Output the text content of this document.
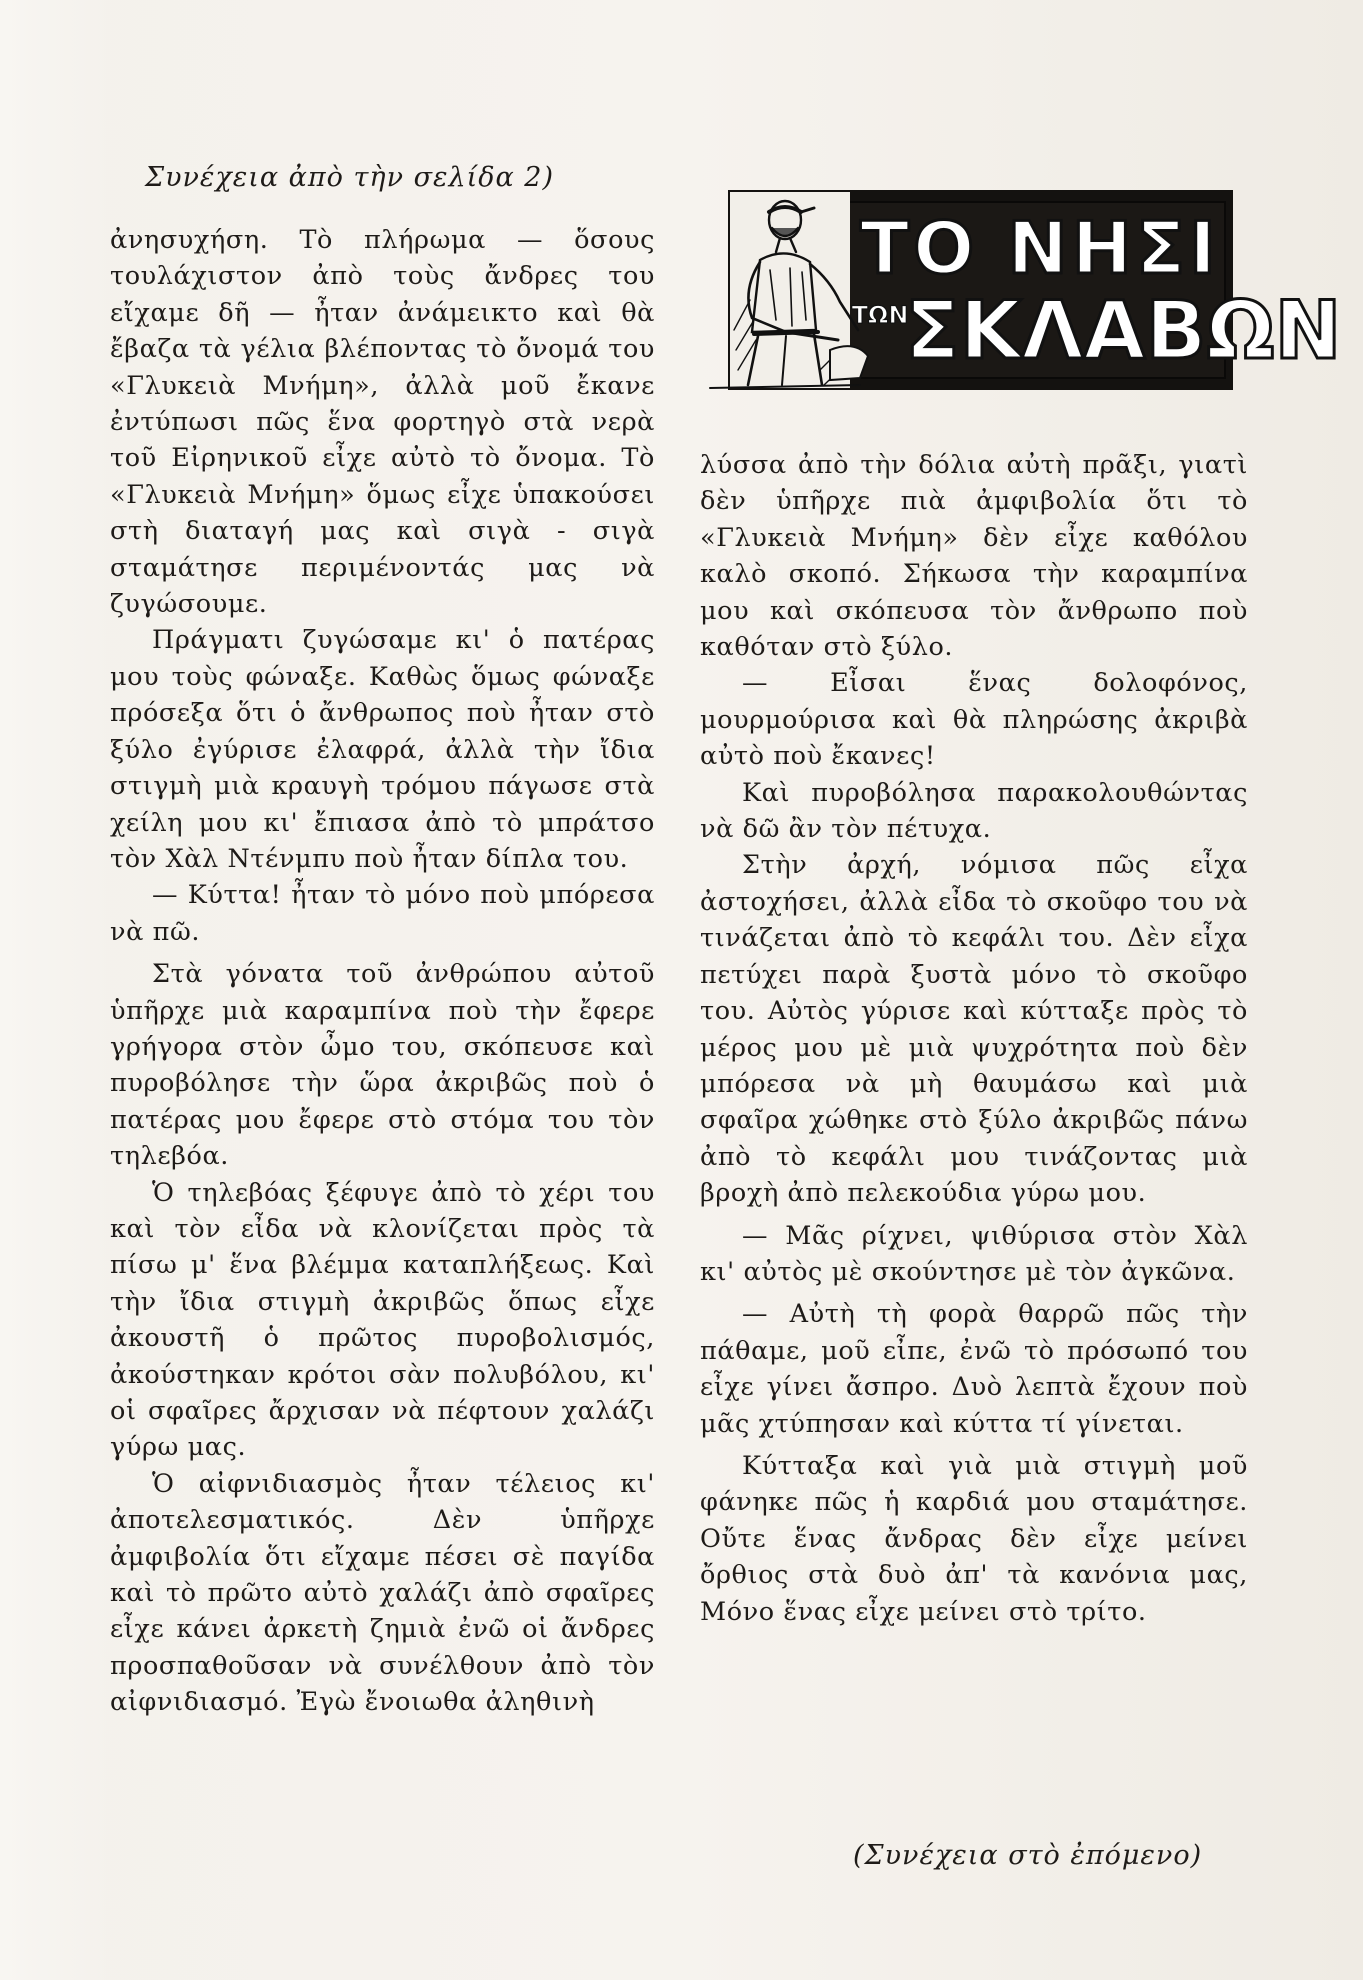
Συνέχεια ἀπὸ τὴν σελίδα 2)
ΤΟ ΝΗΣΙ
ΤΩΝ
ΣΚΛΑΒΩΝ

ἀνησυχήση. Τὸ πλήρωμα — ὅσους τουλάχιστον ἀπὸ τοὺς ἄνδρες του εἴχαμε δῆ — ἦταν ἀνάμεικτο καὶ θὰ ἔβαζα τὰ γέλια βλέποντας τὸ ὄνομά του «Γλυκειὰ Μνήμη», ἀλλὰ μοῦ ἔκανε ἐντύπωσι πῶς ἕνα φορτηγὸ στὰ νερὰ τοῦ Εἰρηνικοῦ εἶχε αὐτὸ τὸ ὄνομα. Τὸ «Γλυκειὰ Μνήμη» ὅμως εἶχε ὑπακούσει στὴ διαταγή μας καὶ σιγὰ - σιγὰ σταμάτησε περιμένοντάς μας νὰ ζυγώσουμε.

Πράγματι ζυγώσαμε κι' ὁ πατέρας μου τοὺς φώναξε. Καθὼς ὅμως φώναξε πρόσεξα ὅτι ὁ ἄνθρωπος ποὺ ἦταν στὸ ξύλο ἐγύρισε ἐλαφρά, ἀλλὰ τὴν ἴδια στιγμὴ μιὰ κραυγὴ τρόμου πάγωσε στὰ χείλη μου κι' ἔπιασα ἀπὸ τὸ μπράτσο τὸν Χὰλ Ντένμπυ ποὺ ἦταν δίπλα του.

— Κύττα! ἦταν τὸ μόνο ποὺ μπόρεσα νὰ πῶ.

Στὰ γόνατα τοῦ ἀνθρώπου αὐτοῦ ὑπῆρχε μιὰ καραμπίνα ποὺ τὴν ἔφερε γρήγορα στὸν ὦμο του, σκόπευσε καὶ πυροβόλησε τὴν ὥρα ἀκριβῶς ποὺ ὁ πατέρας μου ἔφερε στὸ στόμα του τὸν τηλεβόα.

Ὁ τηλεβόας ξέφυγε ἀπὸ τὸ χέρι του καὶ τὸν εἶδα νὰ κλονίζεται πρὸς τὰ πίσω μ' ἕνα βλέμμα καταπλήξεως. Καὶ τὴν ἴδια στιγμὴ ἀκριβῶς ὅπως εἶχε ἀκουστῆ ὁ πρῶτος πυροβολισμός, ἀκούστηκαν κρότοι σὰν πολυβόλου, κι' οἱ σφαῖρες ἄρχισαν νὰ πέφτουν χαλάζι γύρω μας.

Ὁ αἰφνιδιασμὸς ἦταν τέλειος κι' ἀποτελεσματικός. Δὲν ὑπῆρχε ἀμφιβολία ὅτι εἴχαμε πέσει σὲ παγίδα καὶ τὸ πρῶτο αὐτὸ χαλάζι ἀπὸ σφαῖρες εἶχε κάνει ἀρκετὴ ζημιὰ ἐνῶ οἱ ἄνδρες προσπαθοῦσαν νὰ συνέλθουν ἀπὸ τὸν αἰφνιδιασμό. Ἐγὼ ἔνοιωθα ἀληθινὴ

λύσσα ἀπὸ τὴν δόλια αὐτὴ πρᾶξι, γιατὶ δὲν ὑπῆρχε πιὰ ἀμφιβολία ὅτι τὸ «Γλυκειὰ Μνήμη» δὲν εἶχε καθόλου καλὸ σκοπό. Σήκωσα τὴν καραμπίνα μου καὶ σκόπευσα τὸν ἄνθρωπο ποὺ καθόταν στὸ ξύλο.

— Εἶσαι ἕνας δολοφόνος, μουρμούρισα καὶ θὰ πληρώσης ἀκριβὰ αὐτὸ ποὺ ἔκανες!

Καὶ πυροβόλησα παρακολουθώντας νὰ δῶ ἂν τὸν πέτυχα.

Στὴν ἀρχή, νόμισα πῶς εἶχα ἀστοχήσει, ἀλλὰ εἶδα τὸ σκοῦφο του νὰ τινάζεται ἀπὸ τὸ κεφάλι του. Δὲν εἶχα πετύχει παρὰ ξυστὰ μόνο τὸ σκοῦφο του. Αὐτὸς γύρισε καὶ κύτταξε πρὸς τὸ μέρος μου μὲ μιὰ ψυχρότητα ποὺ δὲν μπόρεσα νὰ μὴ θαυμάσω καὶ μιὰ σφαῖρα χώθηκε στὸ ξύλο ἀκριβῶς πάνω ἀπὸ τὸ κεφάλι μου τινάζοντας μιὰ βροχὴ ἀπὸ πελεκούδια γύρω μου.

— Μᾶς ρίχνει, ψιθύρισα στὸν Χὰλ κι' αὐτὸς μὲ σκούντησε μὲ τὸν ἀγκῶνα.

— Αὐτὴ τὴ φορὰ θαρρῶ πῶς τὴν πάθαμε, μοῦ εἶπε, ἐνῶ τὸ πρόσωπό του εἶχε γίνει ἄσπρο. Δυὸ λεπτὰ ἔχουν ποὺ μᾶς χτύπησαν καὶ κύττα τί γίνεται.

Κύτταξα καὶ γιὰ μιὰ στιγμὴ μοῦ φάνηκε πῶς ἡ καρδιά μου σταμάτησε. Οὔτε ἕνας ἄνδρας δὲν εἶχε μείνει ὄρθιος στὰ δυὸ ἀπ' τὰ κανόνια μας, Μόνο ἕνας εἶχε μείνει στὸ τρίτο.

(Συνέχεια στὸ ἐπόμενο)
